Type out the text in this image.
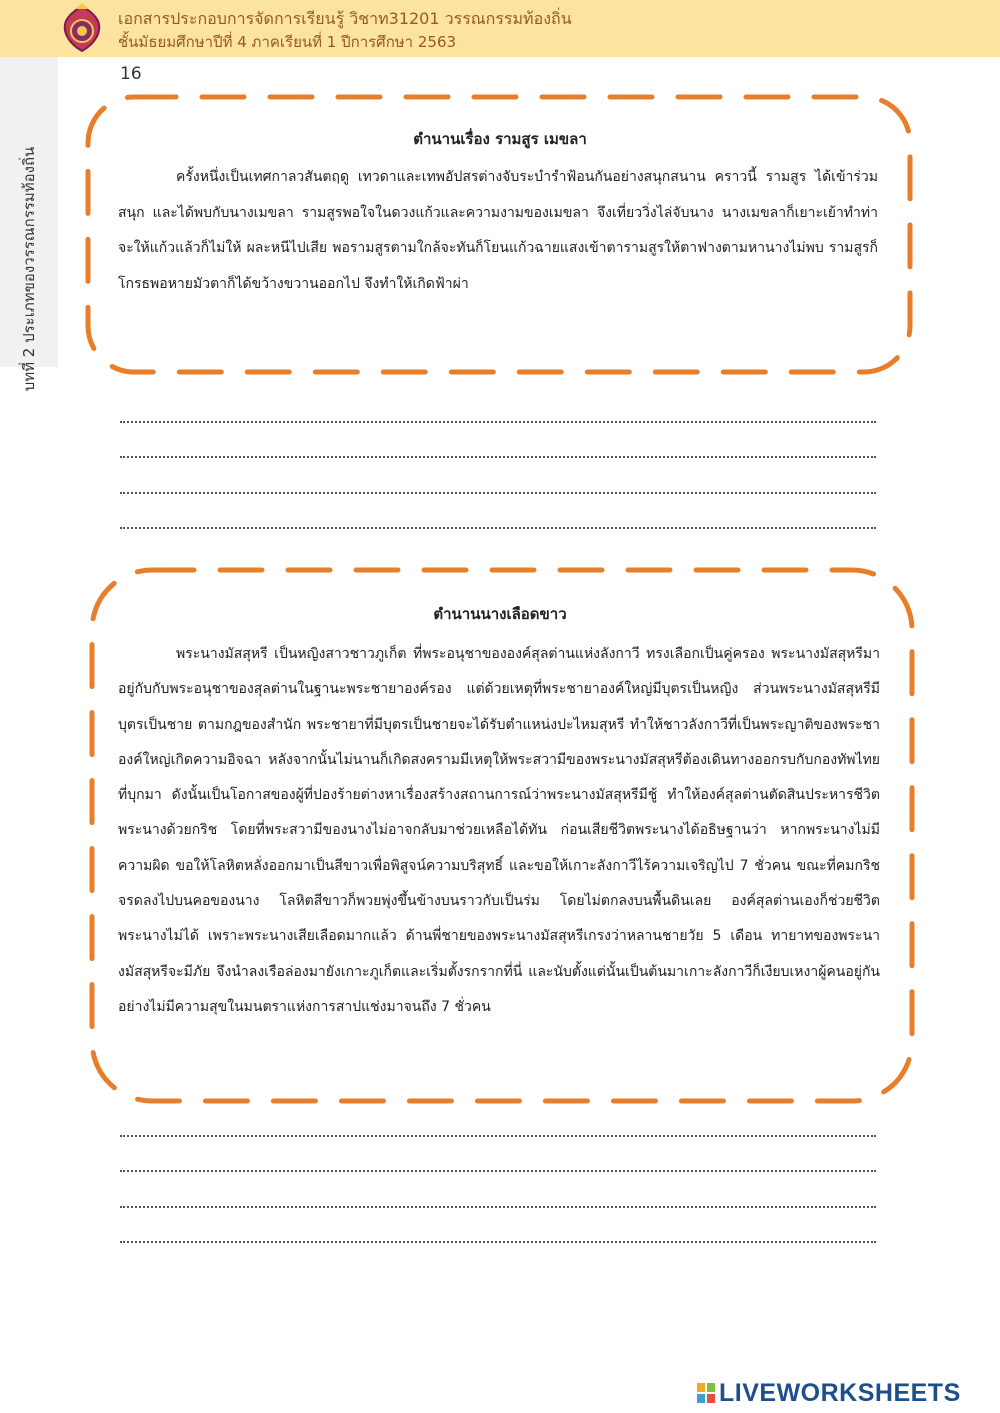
เอกสารประกอบการจัดการเรียนรู้ วิชาท31201 วรรณกรรมท้องถิ่น
ชั้นมัธยมศึกษาปีที่ 4 ภาคเรียนที่ 1 ปีการศึกษา 2563
บทที่ 2 ประเภทของวรรณกรรมท้องถิ่น
16
ตำนานเรื่อง รามสูร เมขลา

ครั้งหนึ่งเป็นเทศกาลวสันตฤดู เทวดาและเทพอัปสรต่างจับระบำรำฟ้อนกันอย่างสนุกสนาน คราวนี้ รามสูร ได้เข้าร่วมสนุก และได้พบกับนางเมขลา รามสูรพอใจในดวงแก้วและความงามของเมขลา จึงเที่ยววิ่งไล่จับนาง นางเมขลาก็เยาะเย้าทำท่าจะให้แก้วแล้วก็ไม่ให้ ผละหนีไปเสีย พอรามสูรตามใกล้จะทันก็โยนแก้วฉายแสงเข้าตารามสูรให้ตาฟางตามหานางไม่พบ รามสูรก็โกรธพอหายมัวตาก็ได้ขว้างขวานออกไป จึงทำให้เกิดฟ้าผ่า

ตำนานนางเลือดขาว

พระนางมัสสุหรี เป็นหญิงสาวชาวภูเก็ต ที่พระอนุชาขององค์สุลต่านแห่งลังกาวี ทรงเลือกเป็นคู่ครอง พระนางมัสสุหรีมาอยู่กับกับพระอนุชาของสุลต่านในฐานะพระชายาองค์รอง แต่ด้วยเหตุที่พระชายาองค์ใหญ่มีบุตรเป็นหญิง ส่วนพระนางมัสสุหรีมีบุตรเป็นชาย ตามกฎของสำนัก พระชายาที่มีบุตรเป็นชายจะได้รับตำแหน่งปะไหมสุหรี ทำให้ชาวลังกาวีที่เป็นพระญาติของพระชาองค์ใหญ่เกิดความอิจฉา หลังจากนั้นไม่นานก็เกิดสงครามมีเหตุให้พระสวามีของพระนางมัสสุหรีต้องเดินทางออกรบกับกองทัพไทยที่บุกมา ดังนั้นเป็นโอกาสของผู้ที่ปองร้ายต่างหาเรื่องสร้างสถานการณ์ว่าพระนางมัสสุหรีมีชู้ ทำให้องค์สุลต่านตัดสินประหารชีวิตพระนางด้วยกริช โดยที่พระสวามีของนางไม่อาจกลับมาช่วยเหลือได้ทัน ก่อนเสียชีวิตพระนางได้อธิษฐานว่า หากพระนางไม่มีความผิด ขอให้โลหิตหลั่งออกมาเป็นสีขาวเพื่อพิสูจน์ความบริสุทธิ์ และขอให้เกาะลังกาวีไร้ความเจริญไป 7 ชั่วคน ขณะที่คมกริชจรดลงไปบนคอของนาง โลหิตสีขาวก็พวยพุ่งขึ้นข้างบนราวกับเป็นร่ม โดยไม่ตกลงบนพื้นดินเลย องค์สุลต่านเองก็ช่วยชีวิตพระนางไม่ได้ เพราะพระนางเสียเลือดมากแล้ว ด้านพี่ชายของพระนางมัสสุหรีเกรงว่าหลานชายวัย 5 เดือน ทายาทของพระนางมัสสุหรีจะมีภัย จึงนำลงเรือล่องมายังเกาะภูเก็ตและเริ่มตั้งรกรากที่นี่ และนับตั้งแต่นั้นเป็นต้นมาเกาะลังกาวีก็เงียบเหงาผู้คนอยู่กันอย่างไม่มีความสุขในมนตราแห่งการสาปแช่งมาจนถึง 7 ชั่วคน

LIVEWORKSHEETS
